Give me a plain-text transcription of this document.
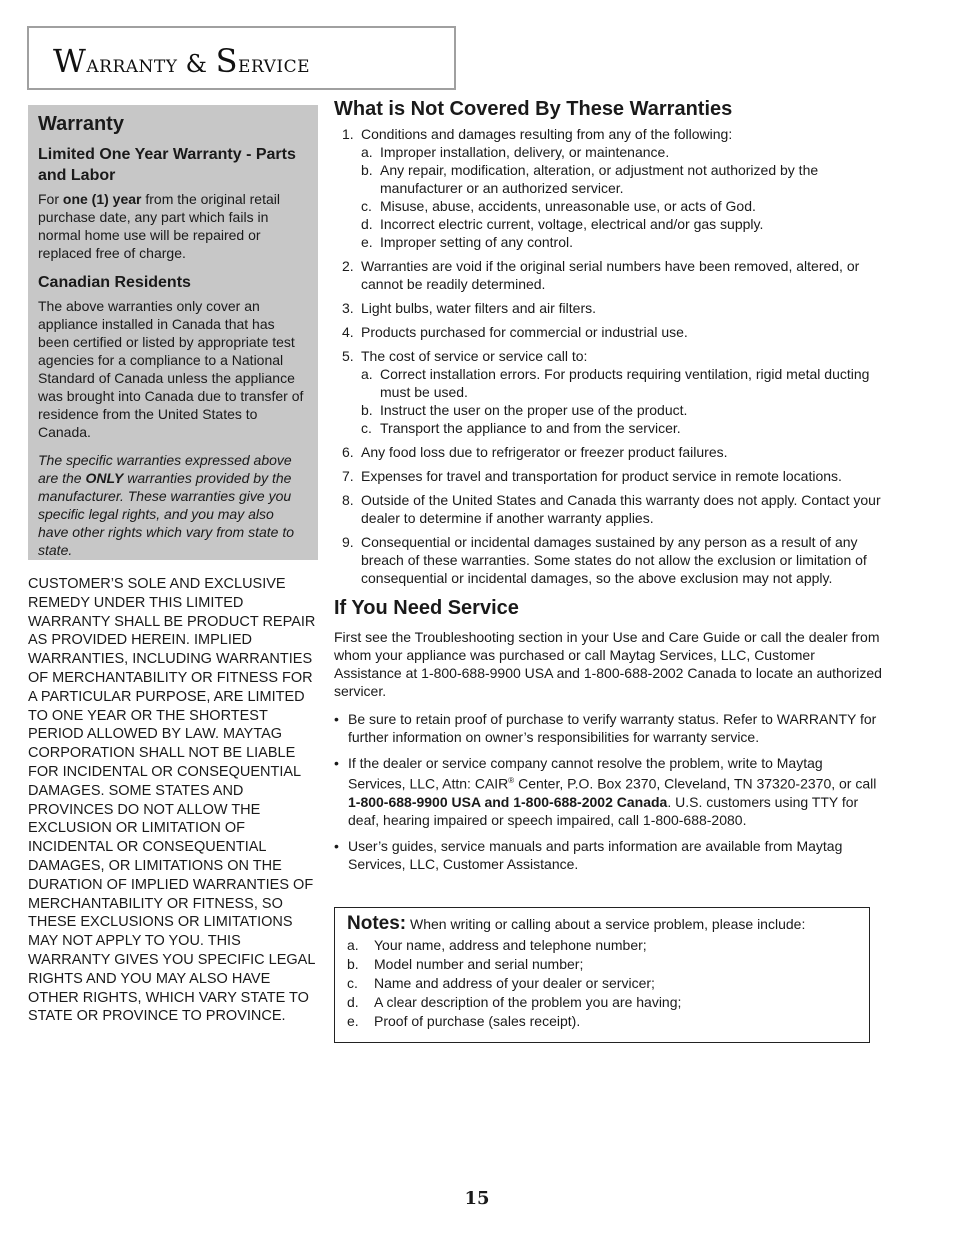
Warranty & Service
Warranty
Limited One Year Warranty - Parts and Labor

For one (1) year from the original retail purchase date, any part which fails in normal home use will be repaired or replaced free of charge.

Canadian Residents

The above warranties only cover an appliance installed in Canada that has been certified or listed by appropriate test agencies for a compliance to a National Standard of Canada unless the appliance was brought into Canada due to transfer of residence from the United States to Canada.

The specific warranties expressed above are the ONLY warranties provided by the manufacturer. These warranties give you specific legal rights, and you may also have other rights which vary from state to state.

CUSTOMER’S SOLE AND EXCLUSIVE REMEDY UNDER THIS LIMITED WARRANTY SHALL BE PRODUCT REPAIR AS PROVIDED HEREIN. IMPLIED WARRANTIES, INCLUDING WARRANTIES OF MERCHANTABILITY OR FITNESS FOR A PARTICULAR PURPOSE, ARE LIMITED TO ONE YEAR OR THE SHORTEST PERIOD ALLOWED BY LAW. MAYTAG CORPORATION SHALL NOT BE LIABLE FOR INCIDENTAL OR CONSEQUENTIAL DAMAGES. SOME STATES AND PROVINCES DO NOT ALLOW THE EXCLUSION OR LIMITATION OF INCIDENTAL OR CONSEQUENTIAL DAMAGES, OR LIMITATIONS ON THE DURATION OF IMPLIED WARRANTIES OF MERCHANTABILITY OR FITNESS, SO THESE EXCLUSIONS OR LIMITATIONS MAY NOT APPLY TO YOU. THIS WARRANTY GIVES YOU SPECIFIC LEGAL RIGHTS AND YOU MAY ALSO HAVE OTHER RIGHTS, WHICH VARY STATE TO STATE OR PROVINCE TO PROVINCE.

What is Not Covered By These Warranties
1. Conditions and damages resulting from any of the following:
a. Improper installation, delivery, or maintenance.
b. Any repair, modification, alteration, or adjustment not authorized by the manufacturer or an authorized servicer.
c. Misuse, abuse, accidents, unreasonable use, or acts of God.
d. Incorrect electric current, voltage, electrical and/or gas supply.
e. Improper setting of any control.
2. Warranties are void if the original serial numbers have been removed, altered, or cannot be readily determined.
3. Light bulbs, water filters and air filters.
4. Products purchased for commercial or industrial use.
5. The cost of service or service call to:
a. Correct installation errors. For products requiring ventilation, rigid metal ducting must be used.
b. Instruct the user on the proper use of the product.
c. Transport the appliance to and from the servicer.
6. Any food loss due to refrigerator or freezer product failures.
7. Expenses for travel and transportation for product service in remote locations.
8. Outside of the United States and Canada this warranty does not apply. Contact your dealer to determine if another warranty applies.
9. Consequential or incidental damages sustained by any person as a result of any breach of these warranties. Some states do not allow the exclusion or limitation of consequential or incidental damages, so the above exclusion may not apply.
If You Need Service

First see the Troubleshooting section in your Use and Care Guide or call the dealer from whom your appliance was purchased or call Maytag Services, LLC, Customer Assistance at 1-800-688-9900 USA and 1-800-688-2002 Canada to locate an authorized servicer.

• Be sure to retain proof of purchase to verify warranty status. Refer to WARRANTY for further information on owner’s responsibilities for warranty service.
• If the dealer or service company cannot resolve the problem, write to Maytag Services, LLC, Attn: CAIR® Center, P.O. Box 2370, Cleveland, TN 37320-2370, or call 1-800-688-9900 USA and 1-800-688-2002 Canada. U.S. customers using TTY for deaf, hearing impaired or speech impaired, call 1-800-688-2080.
• User’s guides, service manuals and parts information are available from Maytag Services, LLC, Customer Assistance.
Notes: When writing or calling about a service problem, please include:
a. Your name, address and telephone number;
b. Model number and serial number;
c. Name and address of your dealer or servicer;
d. A clear description of the problem you are having;
e. Proof of purchase (sales receipt).
15
